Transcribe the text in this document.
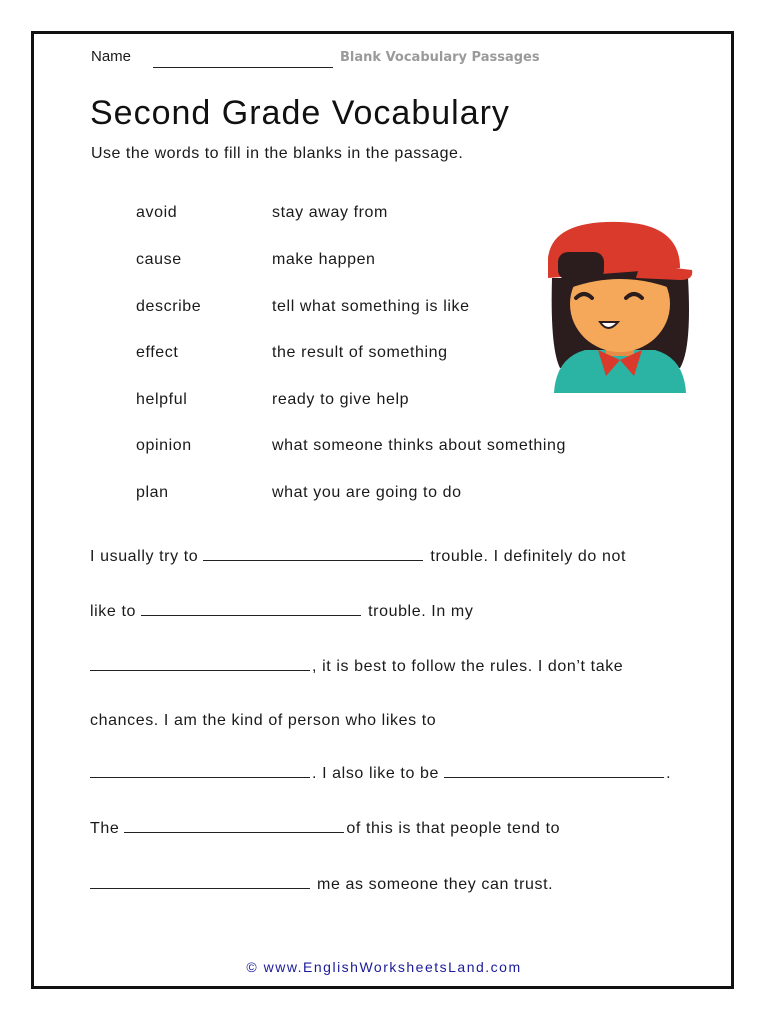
Name	Blank Vocabulary Passages
Second Grade Vocabulary
Use the words to fill in the blanks in the passage.
avoid	stay away from
cause	make happen
describe	tell what something is like
effect	the result of something
helpful	ready to give help
opinion	what someone thinks about something
plan	what you are going to do
I usually try to	trouble. I definitely do not
like to	trouble. In my
, it is best to follow the rules. I don’t take
chances. I am the kind of person who likes to
. I also like to be	.
The	of this is that people tend to
me as someone they can trust.
© www.EnglishWorksheetsLand.com
